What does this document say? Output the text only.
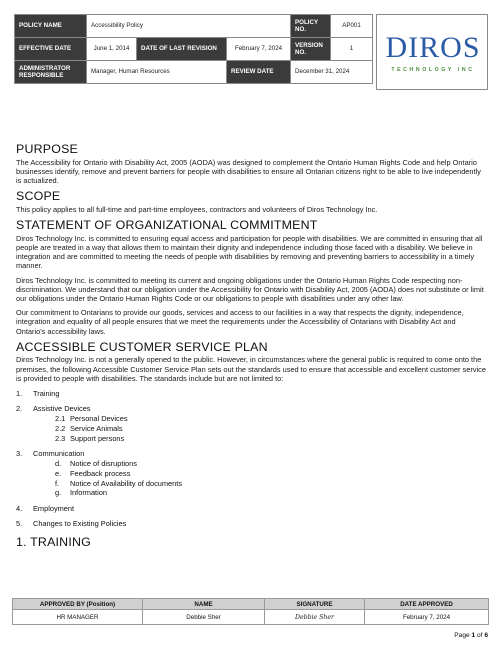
POLICY NAME	Accessibility Policy			POLICY NO.	AP001
EFFECTIVE DATE	June 1, 2014	DATE OF LAST REVISION	February 7, 2024	VERSION NO.	1
ADMINISTRATOR RESPONSIBLE	Manager, Human Resources		REVIEW DATE	December 31, 2024	
DIROS
TECHNOLOGY INC
PURPOSE

The Accessibility for Ontario with Disability Act, 2005 (AODA) was designed to complement the Ontario Human Rights Code and help Ontario businesses identify, remove and prevent barriers for people with disabilities to ensure all Ontarian citizens right to be able to live independently is actualized.

SCOPE

This policy applies to all full-time and part-time employees, contractors and volunteers of Diros Technology Inc.

STATEMENT OF ORGANIZATIONAL COMMITMENT

Diros Technology Inc. is committed to ensuring equal access and participation for people with disabilities. We are committed in ensuring that all people are treated in a way that allows them to maintain their dignity and independence including those faced with a disability. We believe in integration and are committed to meeting the needs of people with disabilities by removing and preventing barriers to accessibility in a timely manner.

Diros Technology Inc. is committed to meeting its current and ongoing obligations under the Ontario Human Rights Code respecting non-discrimination. We understand that our obligation under the Accessibility for Ontario with Disability Act, 2005 (AODA) does not substitute or limit our obligations under the Ontario Human Rights Code or our obligations to people with disabilities under any other law.

Our commitment to Ontarians to provide our goods, services and access to our facilities in a way that respects the dignity, independence, integration and equality of all people ensures that we meet the requirements under the Accessibility of Ontarians with Disability Act and Ontario's accessibility laws.

ACCESSIBLE CUSTOMER SERVICE PLAN

Diros Technology Inc. is not a generally opened to the public. However, in circumstances where the general public is required to come onto the premises, the following Accessible Customer Service Plan sets out the standards used to ensure that accessible and excellent customer service is provided to people with disabilities. The standards include but are not limited to:

1. Training
2. Assistive Devices
2.1 Personal Devices
2.2 Service Animals
2.3 Support persons
3. Communication
d. Notice of disruptions
e. Feedback process
f. Notice of Availability of documents
g. Information
4. Employment
5. Changes to Existing Policies
1. TRAINING
APPROVED BY (Position)	NAME	SIGNATURE	DATE APPROVED
HR MANAGER	Debbie Sher	Debbie Sher	February 7, 2024
Page 1 of 6
